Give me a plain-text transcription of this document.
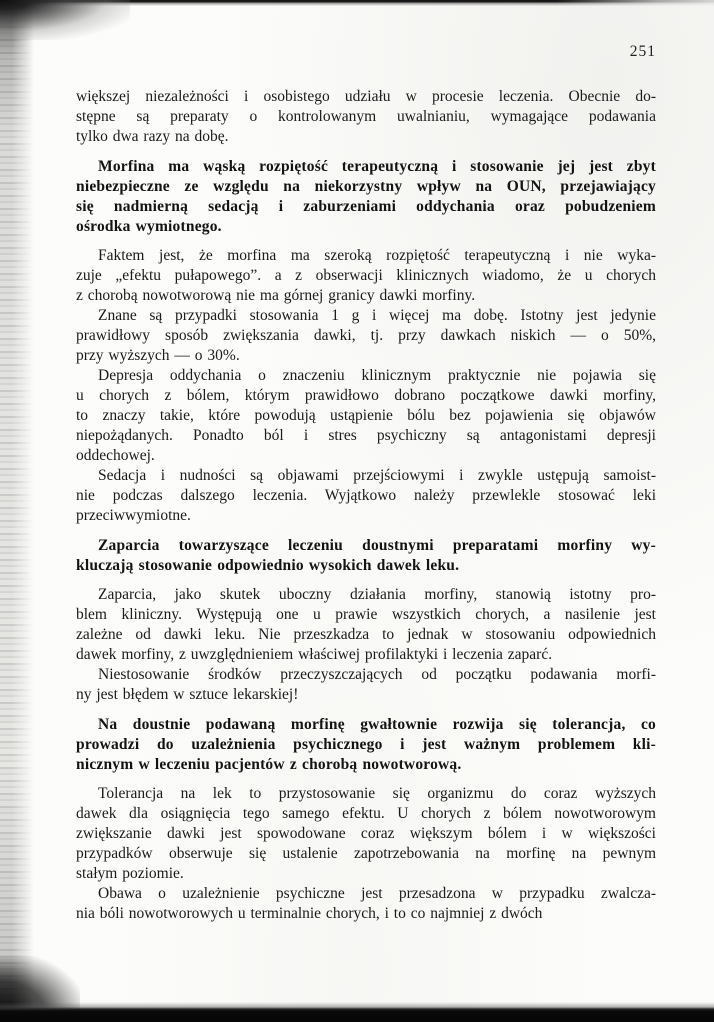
251
większej niezależności i osobistego udziału w procesie leczenia. Obecnie do-
stępne są preparaty o kontrolowanym uwalnianiu, wymagające podawania
tylko dwa razy na dobę.
Morfina ma wąską rozpiętość terapeutyczną i stosowanie jej jest zbyt
niebezpieczne ze względu na niekorzystny wpływ na OUN, przejawiający
się nadmierną sedacją i zaburzeniami oddychania oraz pobudzeniem
ośrodka wymiotnego.
Faktem jest, że morfina ma szeroką rozpiętość terapeutyczną i nie wyka-
zuje „efektu pułapowego”. a z obserwacji klinicznych wiadomo, że u chorych
z chorobą nowotworową nie ma górnej granicy dawki morfiny.
Znane są przypadki stosowania 1 g i więcej ma dobę. Istotny jest jedynie
prawidłowy sposób zwiększania dawki, tj. przy dawkach niskich — o 50%,
przy wyższych — o 30%.
Depresja oddychania o znaczeniu klinicznym praktycznie nie pojawia się
u chorych z bólem, którym prawidłowo dobrano początkowe dawki morfiny,
to znaczy takie, które powodują ustąpienie bólu bez pojawienia się objawów
niepożądanych. Ponadto ból i stres psychiczny są antagonistami depresji
oddechowej.
Sedacja i nudności są objawami przejściowymi i zwykle ustępują samoist-
nie podczas dalszego leczenia. Wyjątkowo należy przewlekle stosować leki
przeciwwymiotne.
Zaparcia towarzyszące leczeniu doustnymi preparatami morfiny wy-
kluczają stosowanie odpowiednio wysokich dawek leku.
Zaparcia, jako skutek uboczny działania morfiny, stanowią istotny pro-
blem kliniczny. Występują one u prawie wszystkich chorych, a nasilenie jest
zależne od dawki leku. Nie przeszkadza to jednak w stosowaniu odpowiednich
dawek morfiny, z uwzględnieniem właściwej profilaktyki i leczenia zaparć.
Niestosowanie środków przeczyszczających od początku podawania morfi-
ny jest błędem w sztuce lekarskiej!
Na doustnie podawaną morfinę gwałtownie rozwija się tolerancja, co
prowadzi do uzależnienia psychicznego i jest ważnym problemem kli-
nicznym w leczeniu pacjentów z chorobą nowotworową.
Tolerancja na lek to przystosowanie się organizmu do coraz wyższych
dawek dla osiągnięcia tego samego efektu. U chorych z bólem nowotworowym
zwiększanie dawki jest spowodowane coraz większym bólem i w większości
przypadków obserwuje się ustalenie zapotrzebowania na morfinę na pewnym
stałym poziomie.
Obawa o uzależnienie psychiczne jest przesadzona w przypadku zwalcza-
nia bóli nowotworowych u terminalnie chorych, i to co najmniej z dwóch
